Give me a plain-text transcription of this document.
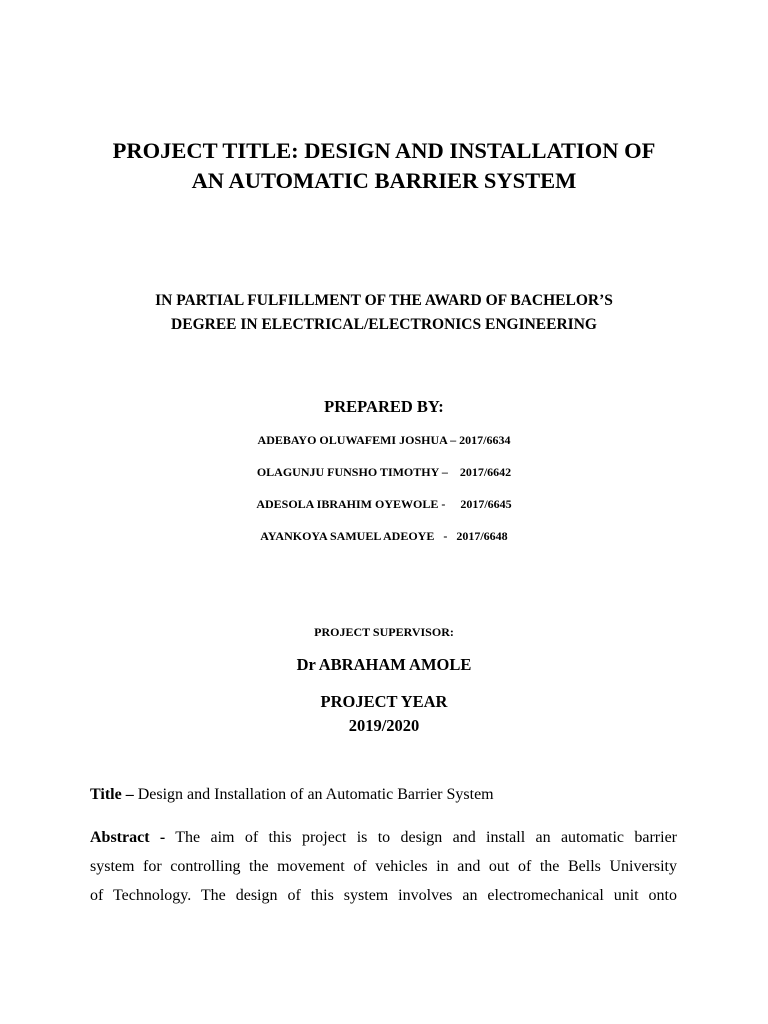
PROJECT TITLE: DESIGN AND INSTALLATION OF
AN AUTOMATIC BARRIER SYSTEM
IN PARTIAL FULFILLMENT OF THE AWARD OF BACHELOR’S
DEGREE IN ELECTRICAL/ELECTRONICS ENGINEERING
PREPARED BY:
ADEBAYO OLUWAFEMI JOSHUA – 2017/6634
OLAGUNJU FUNSHO TIMOTHY –    2017/6642
ADESOLA IBRAHIM OYEWOLE -     2017/6645
AYANKOYA SAMUEL ADEOYE   -   2017/6648
PROJECT SUPERVISOR:
Dr ABRAHAM AMOLE
PROJECT YEAR
2019/2020
Title – Design and Installation of an Automatic Barrier System
Abstract - The aim of this project is to design and install an automatic barrier
system for controlling the movement of vehicles in and out of the Bells University
of Technology. The design of this system involves an electromechanical unit onto
